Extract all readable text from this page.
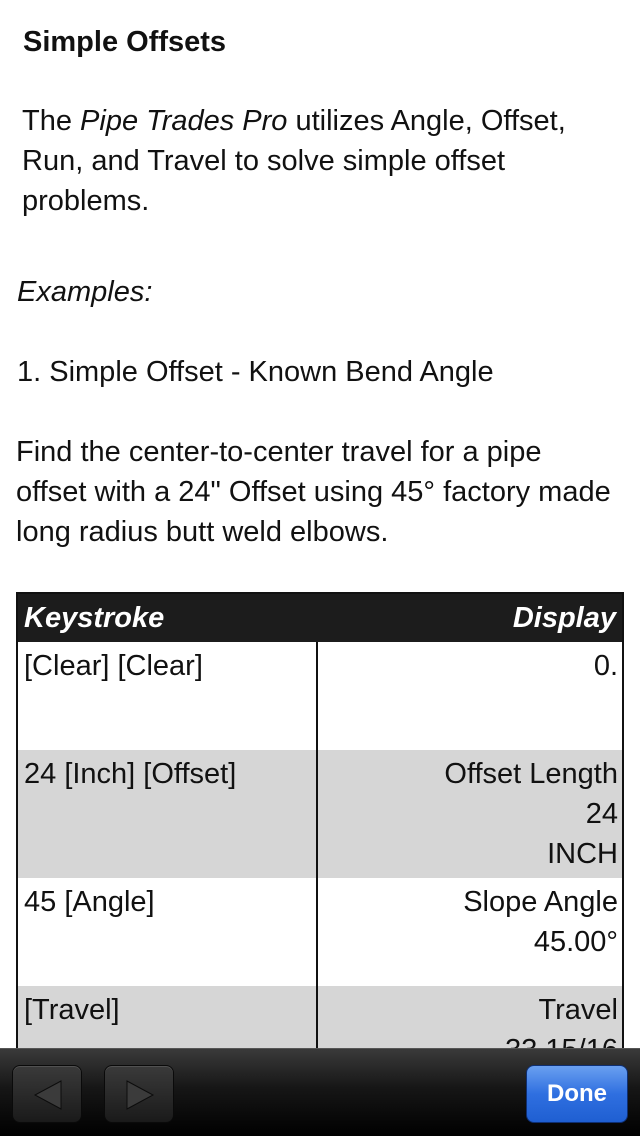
Simple Offsets
The Pipe Trades Pro utilizes Angle, Offset, Run, and Travel to solve simple offset problems.
Examples:
1. Simple Offset - Known Bend Angle
Find the center-to-center travel for a pipe offset with a 24" Offset using 45° factory made long radius butt weld elbows.
Keystroke	Display
[Clear] [Clear]	0.
24 [Inch] [Offset]	Offset Length
24
INCH
45 [Angle]	Slope Angle
45.00°
[Travel]	Travel
Done
